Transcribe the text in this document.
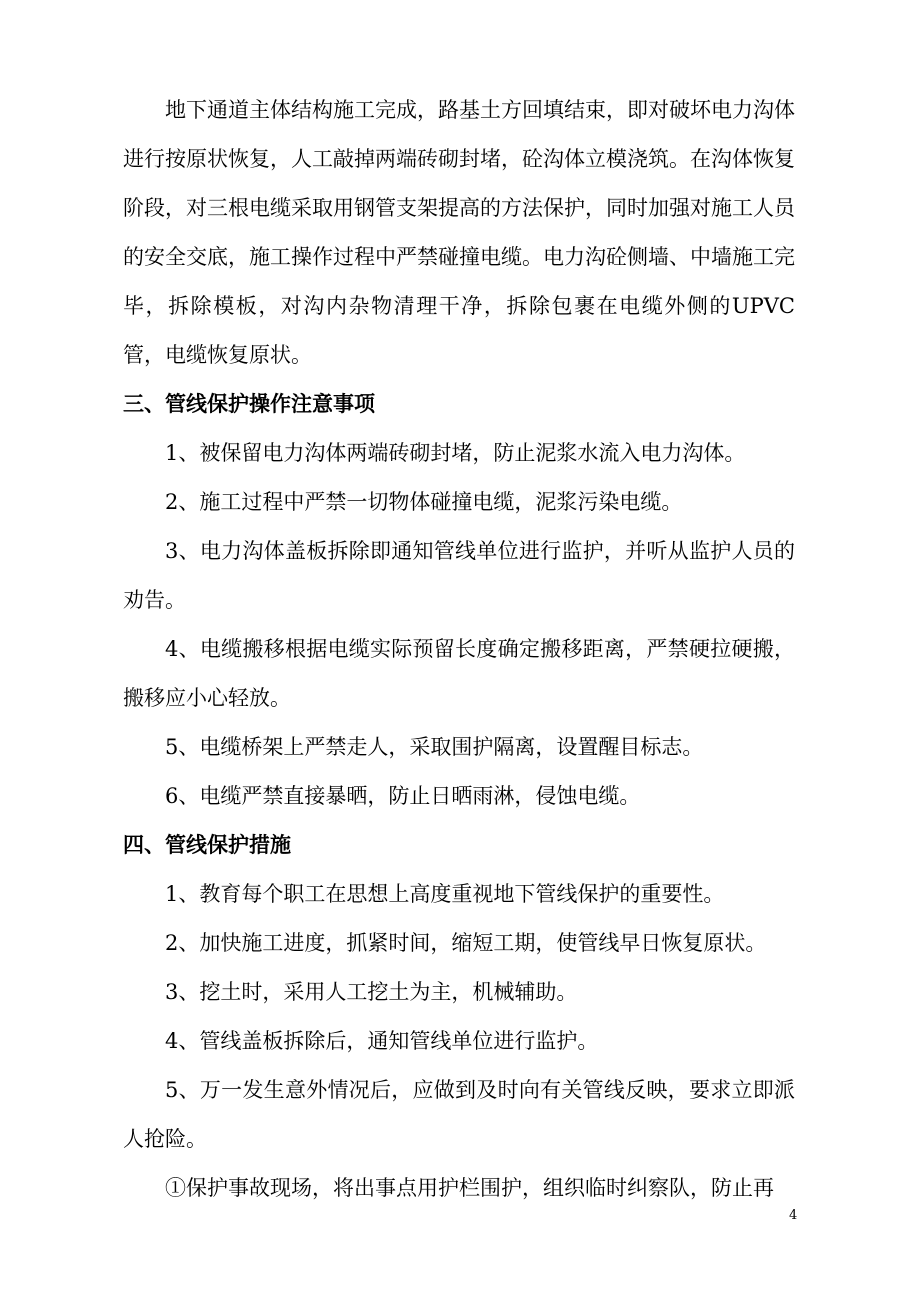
地下通道主体结构施工完成，路基土方回填结束，即对破坏电力沟体进行按原状恢复，人工敲掉两端砖砌封堵，砼沟体立模浇筑。在沟体恢复阶段，对三根电缆采取用钢管支架提高的方法保护，同时加强对施工人员的安全交底，施工操作过程中严禁碰撞电缆。电力沟砼侧墙、中墙施工完毕，拆除模板，对沟内杂物清理干净，拆除包裹在电缆外侧的UPVC管，电缆恢复原状。

三、管线保护操作注意事项

1、被保留电力沟体两端砖砌封堵，防止泥浆水流入电力沟体。

2、施工过程中严禁一切物体碰撞电缆，泥浆污染电缆。

3、电力沟体盖板拆除即通知管线单位进行监护，并听从监护人员的劝告。

4、电缆搬移根据电缆实际预留长度确定搬移距离，严禁硬拉硬搬，搬移应小心轻放。

5、电缆桥架上严禁走人，采取围护隔离，设置醒目标志。

6、电缆严禁直接暴晒，防止日晒雨淋，侵蚀电缆。

四、管线保护措施

1、教育每个职工在思想上高度重视地下管线保护的重要性。

2、加快施工进度，抓紧时间，缩短工期，使管线早日恢复原状。

3、挖土时，采用人工挖土为主，机械辅助。

4、管线盖板拆除后，通知管线单位进行监护。

5、万一发生意外情况后，应做到及时向有关管线反映，要求立即派人抢险。

①保护事故现场，将出事点用护栏围护，组织临时纠察队，防止再

4
